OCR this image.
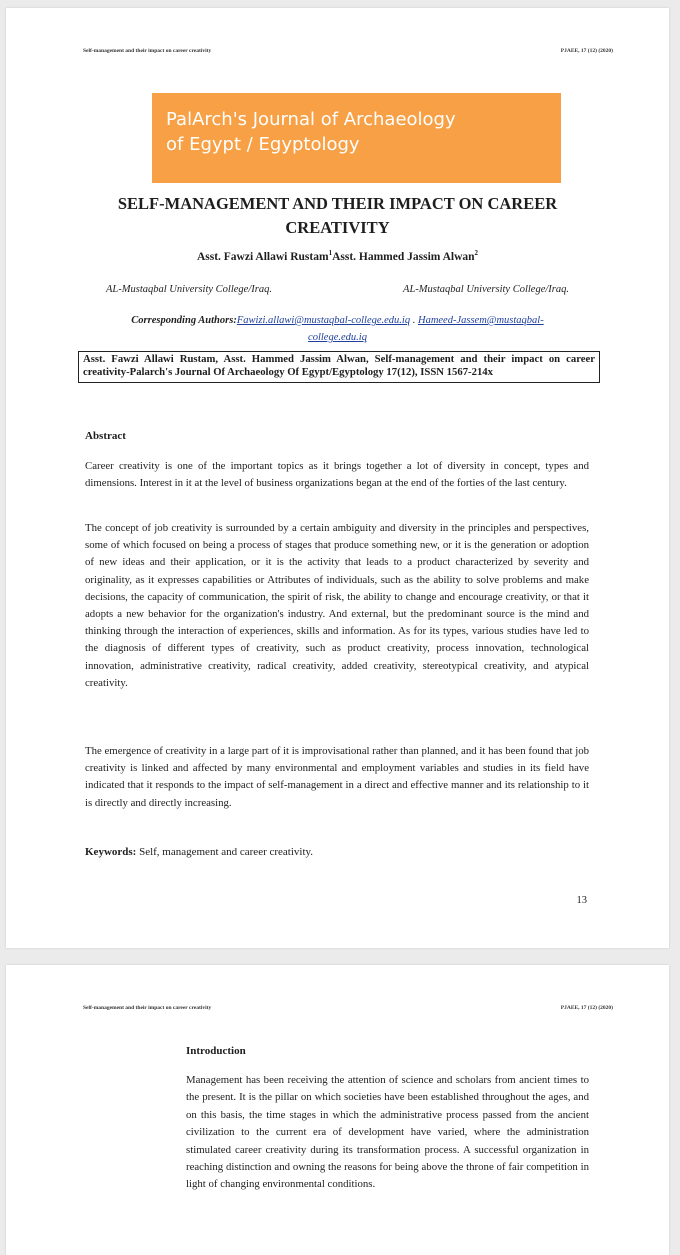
Self-management and their impact on career creativity	PJAEE, 17 (12) (2020)
PalArch's Journal of Archaeology
of Egypt / Egyptology
SELF-MANAGEMENT AND THEIR IMPACT ON CAREER
CREATIVITY
Asst. Fawzi Allawi Rustam$^1$Asst. Hammed Jassim Alwan$^2$
AL-Mustaqbal University College/Iraq.	AL-Mustaqbal University College/Iraq.
Corresponding Authors:Fawizi.allawi@mustaqbal-college.edu.iq . Hameed-Jassem@mustaqbal-college.edu.iq
Asst. Fawzi Allawi Rustam, Asst. Hammed Jassim Alwan, Self-management and their impact on career creativity-Palarch's Journal Of Archaeology Of Egypt/Egyptology 17(12), ISSN 1567-214x
Abstract

Career creativity is one of the important topics as it brings together a lot of diversity in concept, types and dimensions. Interest in it at the level of business organizations began at the end of the forties of the last century.

The concept of job creativity is surrounded by a certain ambiguity and diversity in the principles and perspectives, some of which focused on being a process of stages that produce something new, or it is the generation or adoption of new ideas and their application, or it is the activity that leads to a product characterized by severity and originality, as it expresses capabilities or Attributes of individuals, such as the ability to solve problems and make decisions, the capacity of communication, the spirit of risk, the ability to change and encourage creativity, or that it adopts a new behavior for the organization's industry. And external, but the predominant source is the mind and thinking through the interaction of experiences, skills and information. As for its types, various studies have led to the diagnosis of different types of creativity, such as product creativity, process innovation, technological innovation, administrative creativity, radical creativity, added creativity, stereotypical creativity, and atypical creativity.

The emergence of creativity in a large part of it is improvisational rather than planned, and it has been found that job creativity is linked and affected by many environmental and employment variables and studies in its field have indicated that it responds to the impact of self-management in a direct and effective manner and its relationship to it is directly and directly increasing.

Keywords: Self, management and career creativity.
13
Self-management and their impact on career creativity	PJAEE, 17 (12) (2020)
Introduction

Management has been receiving the attention of science and scholars from ancient times to the present. It is the pillar on which societies have been established throughout the ages, and on this basis, the time stages in which the administrative process passed from the ancient civilization to the current era of development have varied, where the administration stimulated career creativity during its transformation process. A successful organization in reaching distinction and owning the reasons for being above the throne of fair competition in light of changing environmental conditions.
